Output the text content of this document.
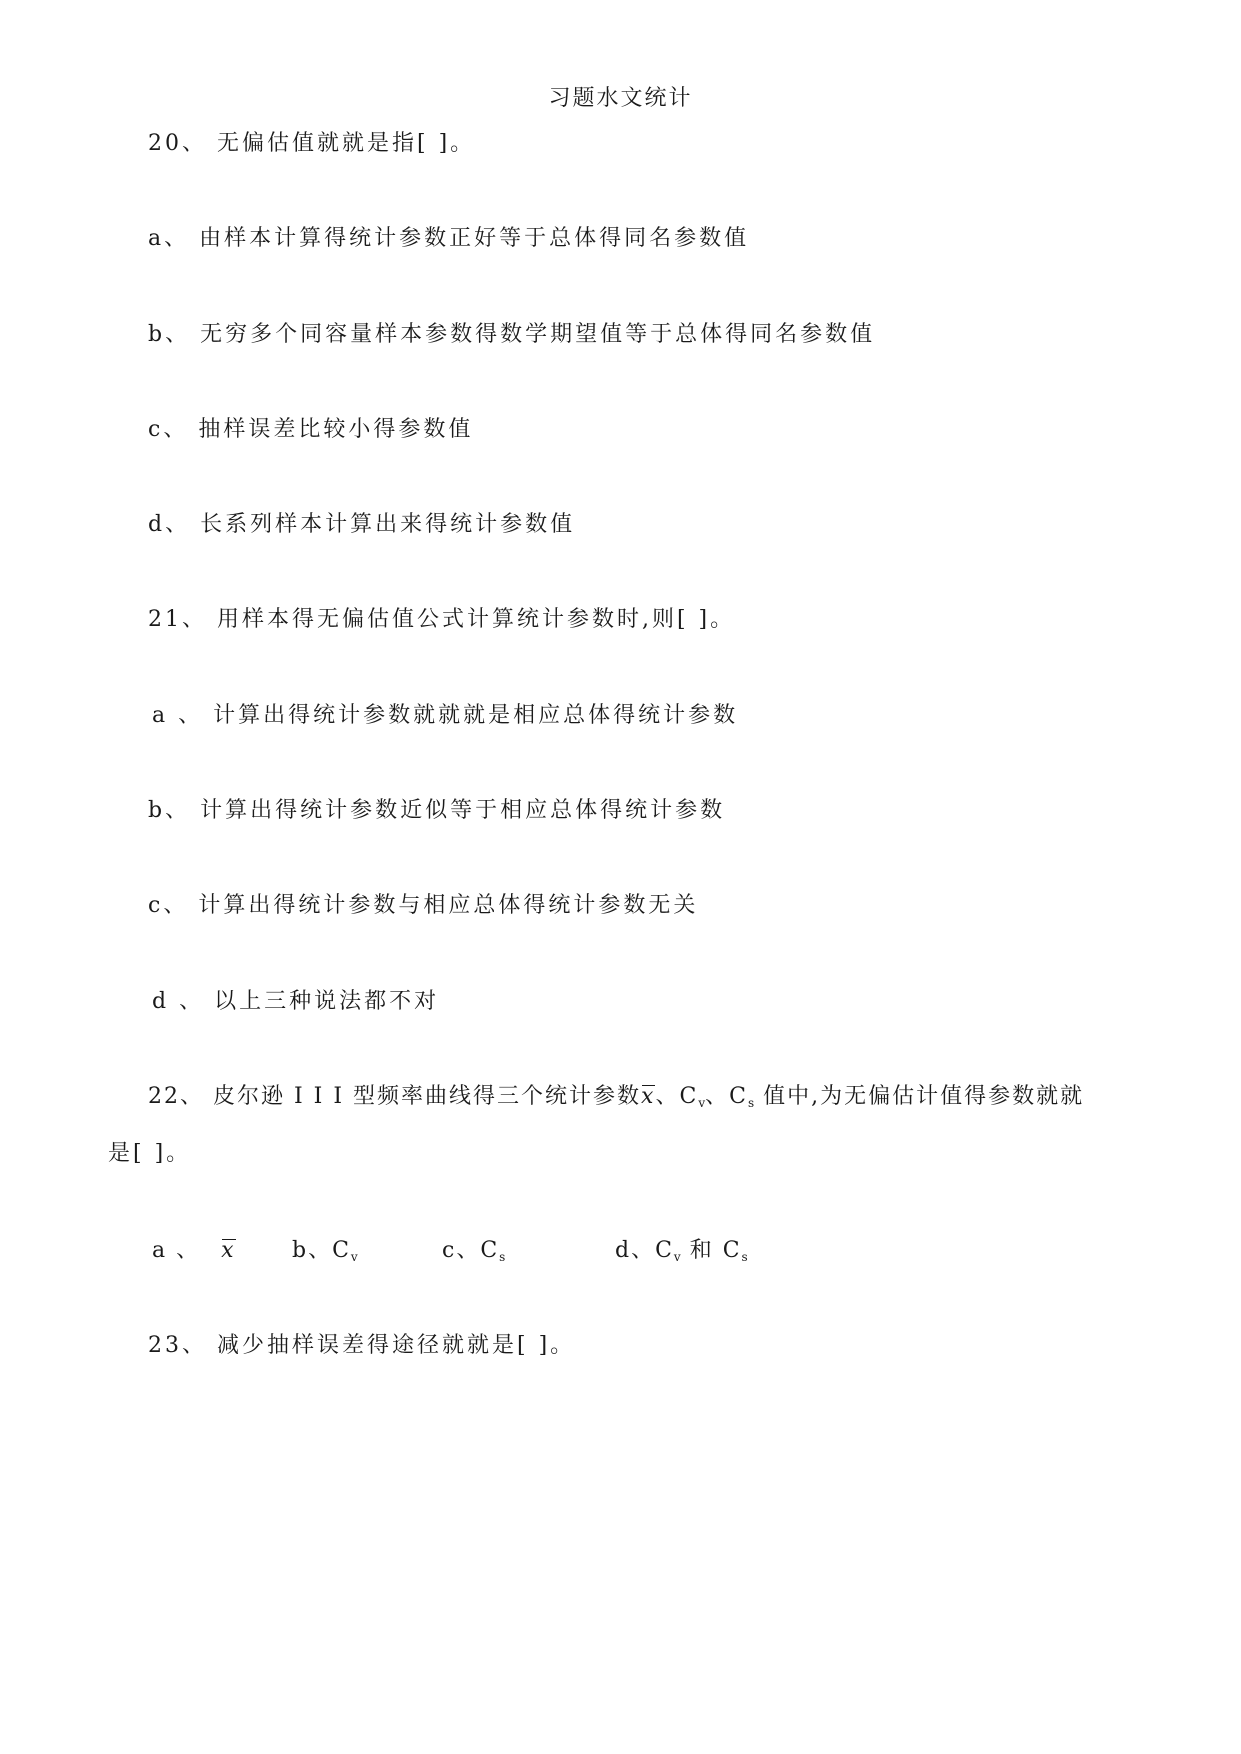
习题水文统计
20、 无偏估值就就是指[ ]。
a、 由样本计算得统计参数正好等于总体得同名参数值
b、 无穷多个同容量样本参数得数学期望值等于总体得同名参数值
c、 抽样误差比较小得参数值
d、 长系列样本计算出来得统计参数值
21、 用样本得无偏估值公式计算统计参数时,则[ ]。
a 、 计算出得统计参数就就就是相应总体得统计参数
b、 计算出得统计参数近似等于相应总体得统计参数
c、 计算出得统计参数与相应总体得统计参数无关
d 、 以上三种说法都不对
22、 皮尔逊 I I I 型频率曲线得三个统计参数x、$C_v$、$C_s$ 值中,为无偏估计值得参数就就
是[ ]。
a 、 x	b、$C_v$	c、$C_s$	d、$C_v$ 和 $C_s$
23、 减少抽样误差得途径就就是[ ]。
